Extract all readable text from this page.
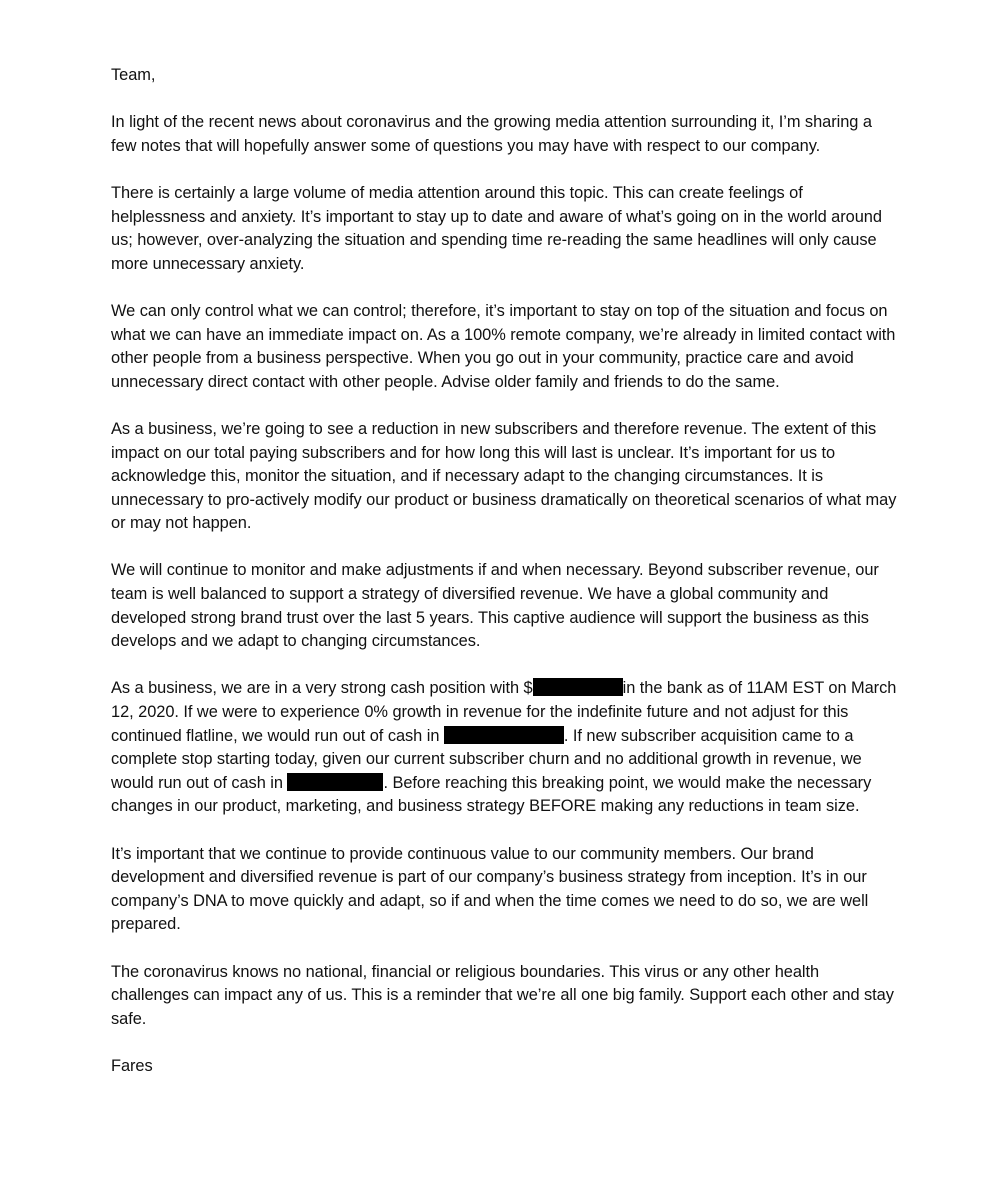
Team,

In light of the recent news about coronavirus and the growing media attention surrounding it, I’m sharing a few notes that will hopefully answer some of questions you may have with respect to our company.

There is certainly a large volume of media attention around this topic. This can create feelings of helplessness and anxiety. It’s important to stay up to date and aware of what’s going on in the world around us; however, over-analyzing the situation and spending time re-reading the same headlines will only cause more unnecessary anxiety.

We can only control what we can control; therefore, it’s important to stay on top of the situation and focus on what we can have an immediate impact on. As a 100% remote company, we’re already in limited contact with other people from a business perspective. When you go out in your community, practice care and avoid unnecessary direct contact with other people. Advise older family and friends to do the same.

As a business, we’re going to see a reduction in new subscribers and therefore revenue. The extent of this impact on our total paying subscribers and for how long this will last is unclear. It’s important for us to acknowledge this, monitor the situation, and if necessary adapt to the changing circumstances. It is unnecessary to pro-actively modify our product or business dramatically on theoretical scenarios of what may or may not happen.

We will continue to monitor and make adjustments if and when necessary. Beyond subscriber revenue, our team is well balanced to support a strategy of diversified revenue. We have a global community and developed strong brand trust over the last 5 years. This captive audience will support the business as this develops and we adapt to changing circumstances.

As a business, we are in a very strong cash position with $	in the bank as of 11AM EST on March 12, 2020. If we were to experience 0% growth in revenue for the indefinite future and not adjust for this continued flatline, we would run out of cash in	. If new subscriber acquisition came to a complete stop starting today, given our current subscriber churn and no additional growth in revenue, we would run out of cash in	. Before reaching this breaking point, we would make the necessary changes in our product, marketing, and business strategy BEFORE making any reductions in team size.

It’s important that we continue to provide continuous value to our community members. Our brand development and diversified revenue is part of our company’s business strategy from inception. It’s in our company’s DNA to move quickly and adapt, so if and when the time comes we need to do so, we are well prepared.

The coronavirus knows no national, financial or religious boundaries. This virus or any other health challenges can impact any of us. This is a reminder that we’re all one big family. Support each other and stay safe.

Fares
